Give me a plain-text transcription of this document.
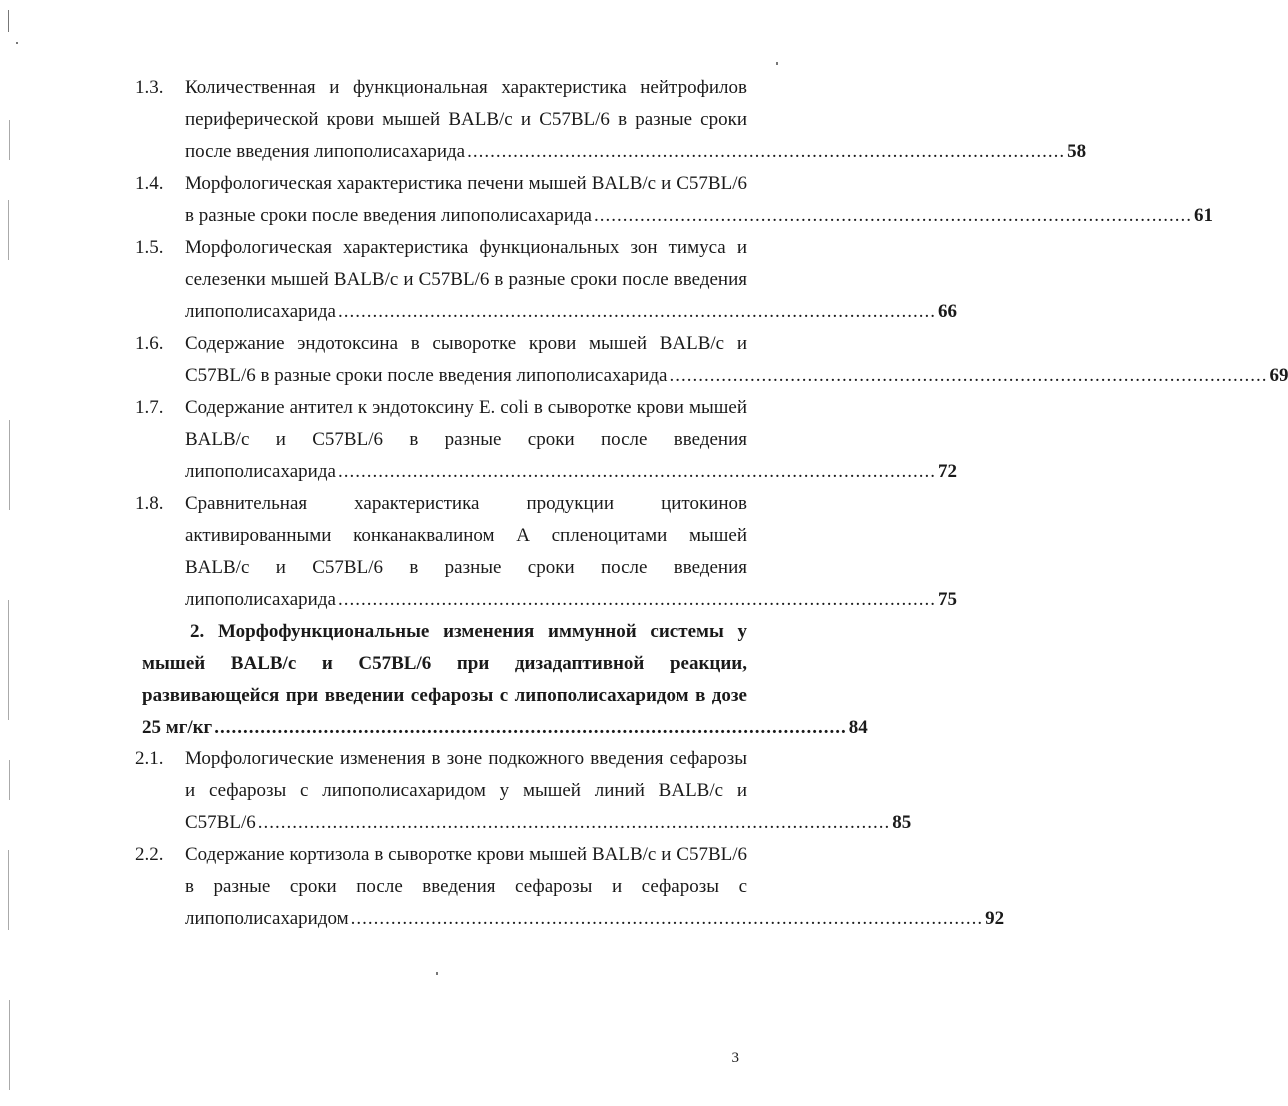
1.3.	Количественная и функциональная характеристика нейтрофилов
периферической крови мышей BALB/c и C57BL/6 в разные сроки
после введения липополисахарида ........................................................................................................ 58
1.4.	Морфологическая характеристика печени мышей BALB/c и C57BL/6
в разные сроки после введения липополисахарида ........................................................................................................ 61
1.5.	Морфологическая характеристика функциональных зон тимуса и
селезенки мышей BALB/c и C57BL/6 в разные сроки после введения
липополисахарида ........................................................................................................ 66
1.6.	Содержание эндотоксина в сыворотке крови мышей BALB/c и
C57BL/6 в разные сроки после введения липополисахарида ........................................................................................................ 69
1.7.	Содержание антител к эндотоксину E. coli в сыворотке крови мышей
BALB/c и C57BL/6 в разные сроки после введения
липополисахарида ........................................................................................................ 72
1.8.	Сравнительная характеристика продукции цитокинов
активированными конканаквалином А спленоцитами мышей
BALB/c и C57BL/6 в разные сроки после введения
липополисахарида ........................................................................................................ 75
2. Морфофункциональные изменения иммунной системы у
мышей BALB/c и C57BL/6 при дизадаптивной реакции,
развивающейся при введении сефарозы с липополисахаридом в дозе
25 мг/кг .............................................................................................................. 84
2.1.	Морфологические изменения в зоне подкожного введения сефарозы
и сефарозы с липополисахаридом у мышей линий BALB/c и
C57BL/6 .............................................................................................................. 85
2.2.	Содержание кортизола в сыворотке крови мышей BALB/c и C57BL/6
в разные сроки после введения сефарозы и сефарозы с
липополисахаридом .............................................................................................................. 92
3
